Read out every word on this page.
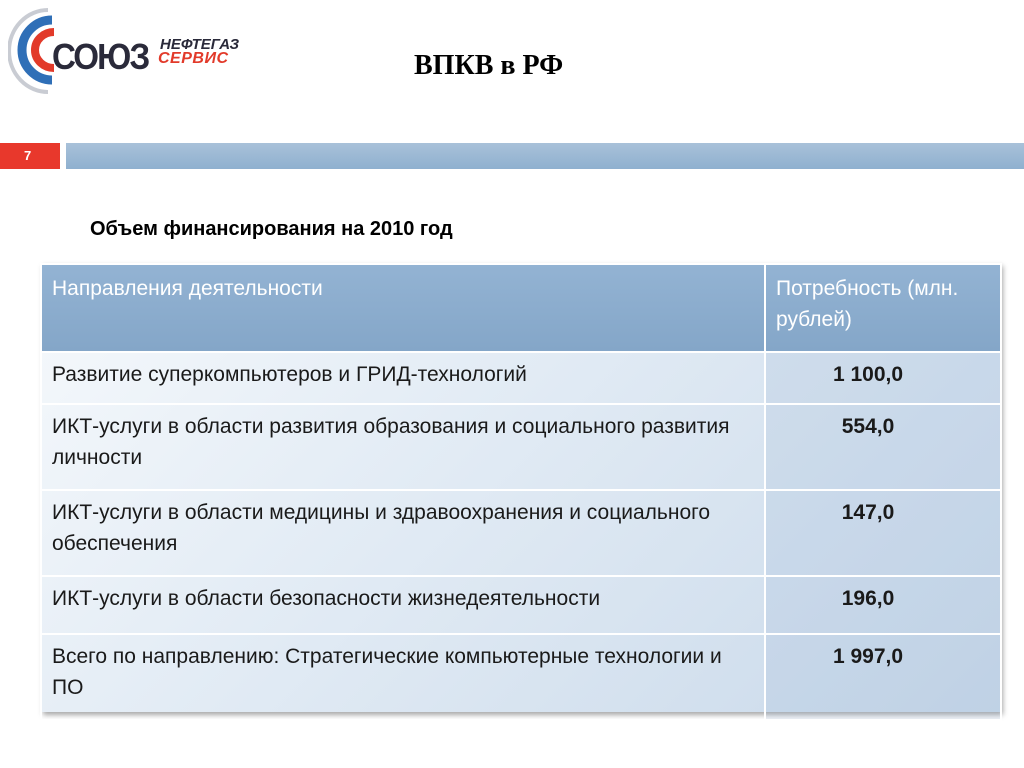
СОЮЗ НЕФТЕГАЗ
СЕРВИС	ВПКВ в РФ
7
Объем финансирования на 2010 год
Направления деятельности	Потребность (млн. рублей)
Развитие суперкомпьютеров и ГРИД-технологий	1 100,0
ИКТ-услуги в области развития образования и социального развития личности	554,0
ИКТ-услуги в области медицины и здравоохранения и социального обеспечения	147,0
ИКТ-услуги в области безопасности жизнедеятельности	196,0
Всего по направлению: Стратегические компьютерные технологии и ПО	1 997,0
